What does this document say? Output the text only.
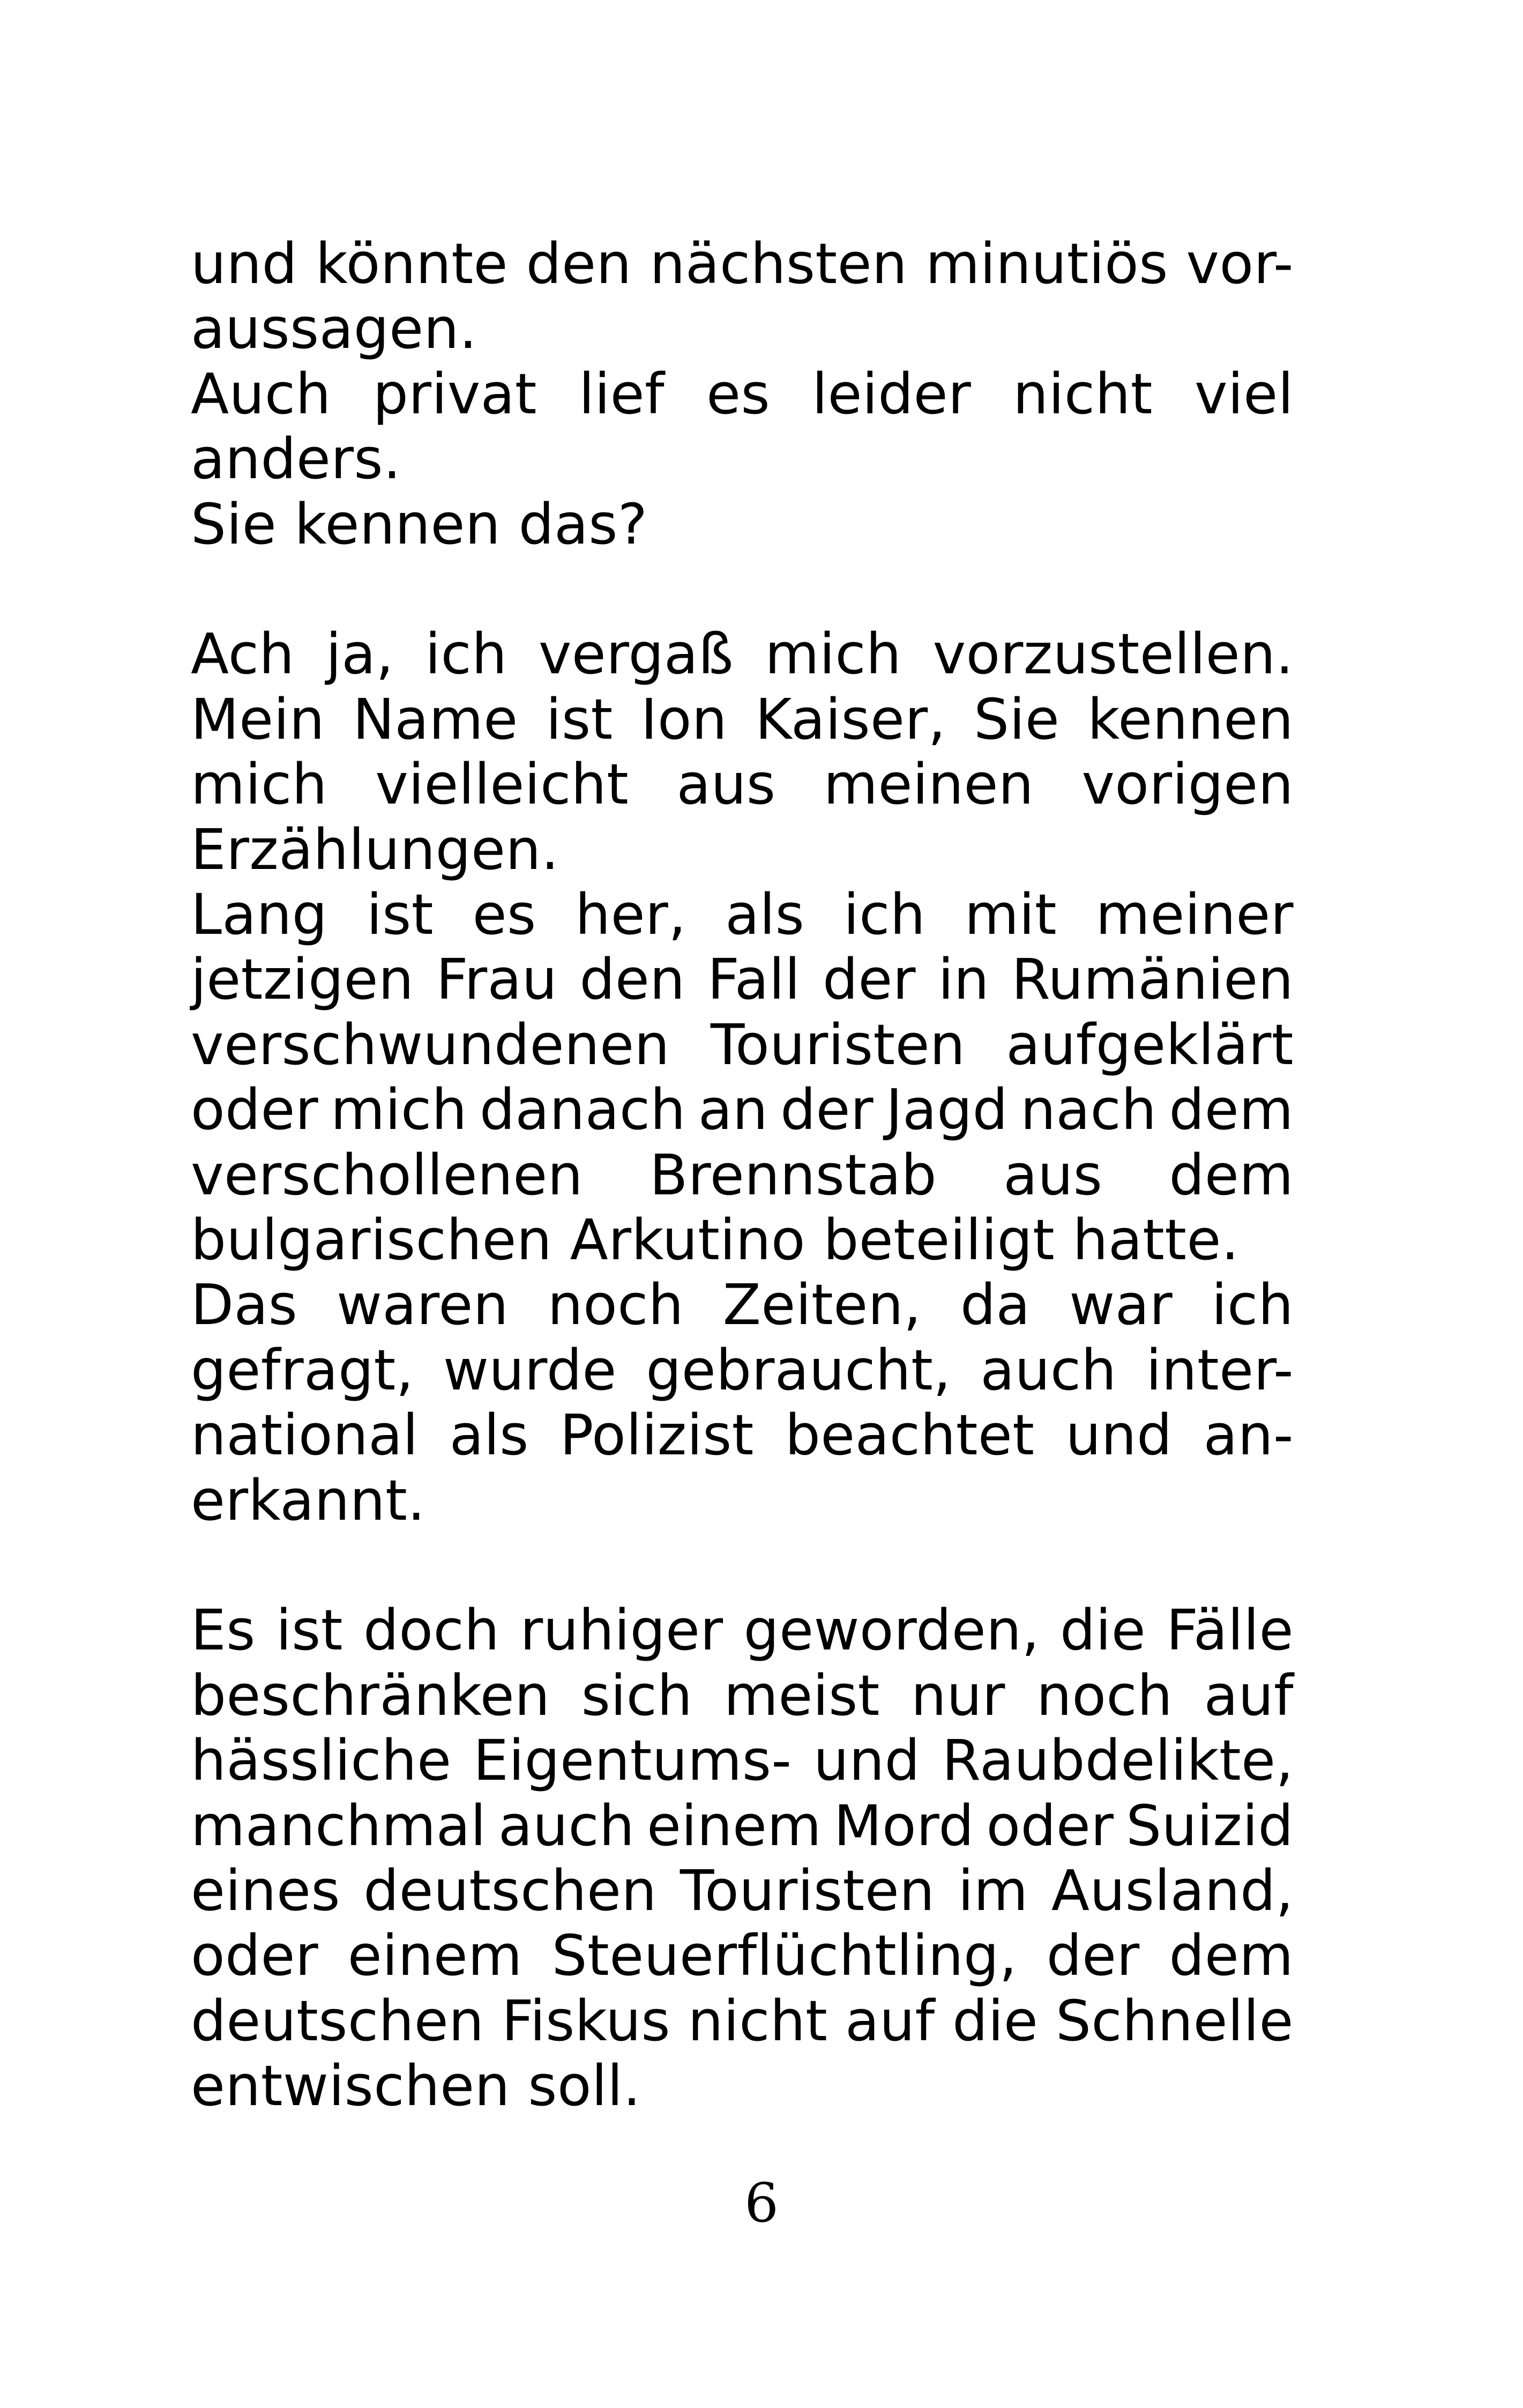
und könnte den nächsten minutiös vor-
aussagen.
Auch privat lief es leider nicht viel
anders.
Sie kennen das?
Ach ja, ich vergaß mich vorzustellen.
Mein Name ist Ion Kaiser, Sie kennen
mich vielleicht aus meinen vorigen
Erzählungen.
Lang ist es her, als ich mit meiner
jetzigen Frau den Fall der in Rumänien
verschwundenen Touristen aufgeklärt
oder mich danach an der Jagd nach dem
verschollenen Brennstab aus dem
bulgarischen Arkutino beteiligt hatte.
Das waren noch Zeiten, da war ich
gefragt, wurde gebraucht, auch inter-
national als Polizist beachtet und an-
erkannt.
Es ist doch ruhiger geworden, die Fälle
beschränken sich meist nur noch auf
hässliche Eigentums- und Raubdelikte,
manchmal auch einem Mord oder Suizid
eines deutschen Touristen im Ausland,
oder einem Steuerflüchtling, der dem
deutschen Fiskus nicht auf die Schnelle
entwischen soll.
6
